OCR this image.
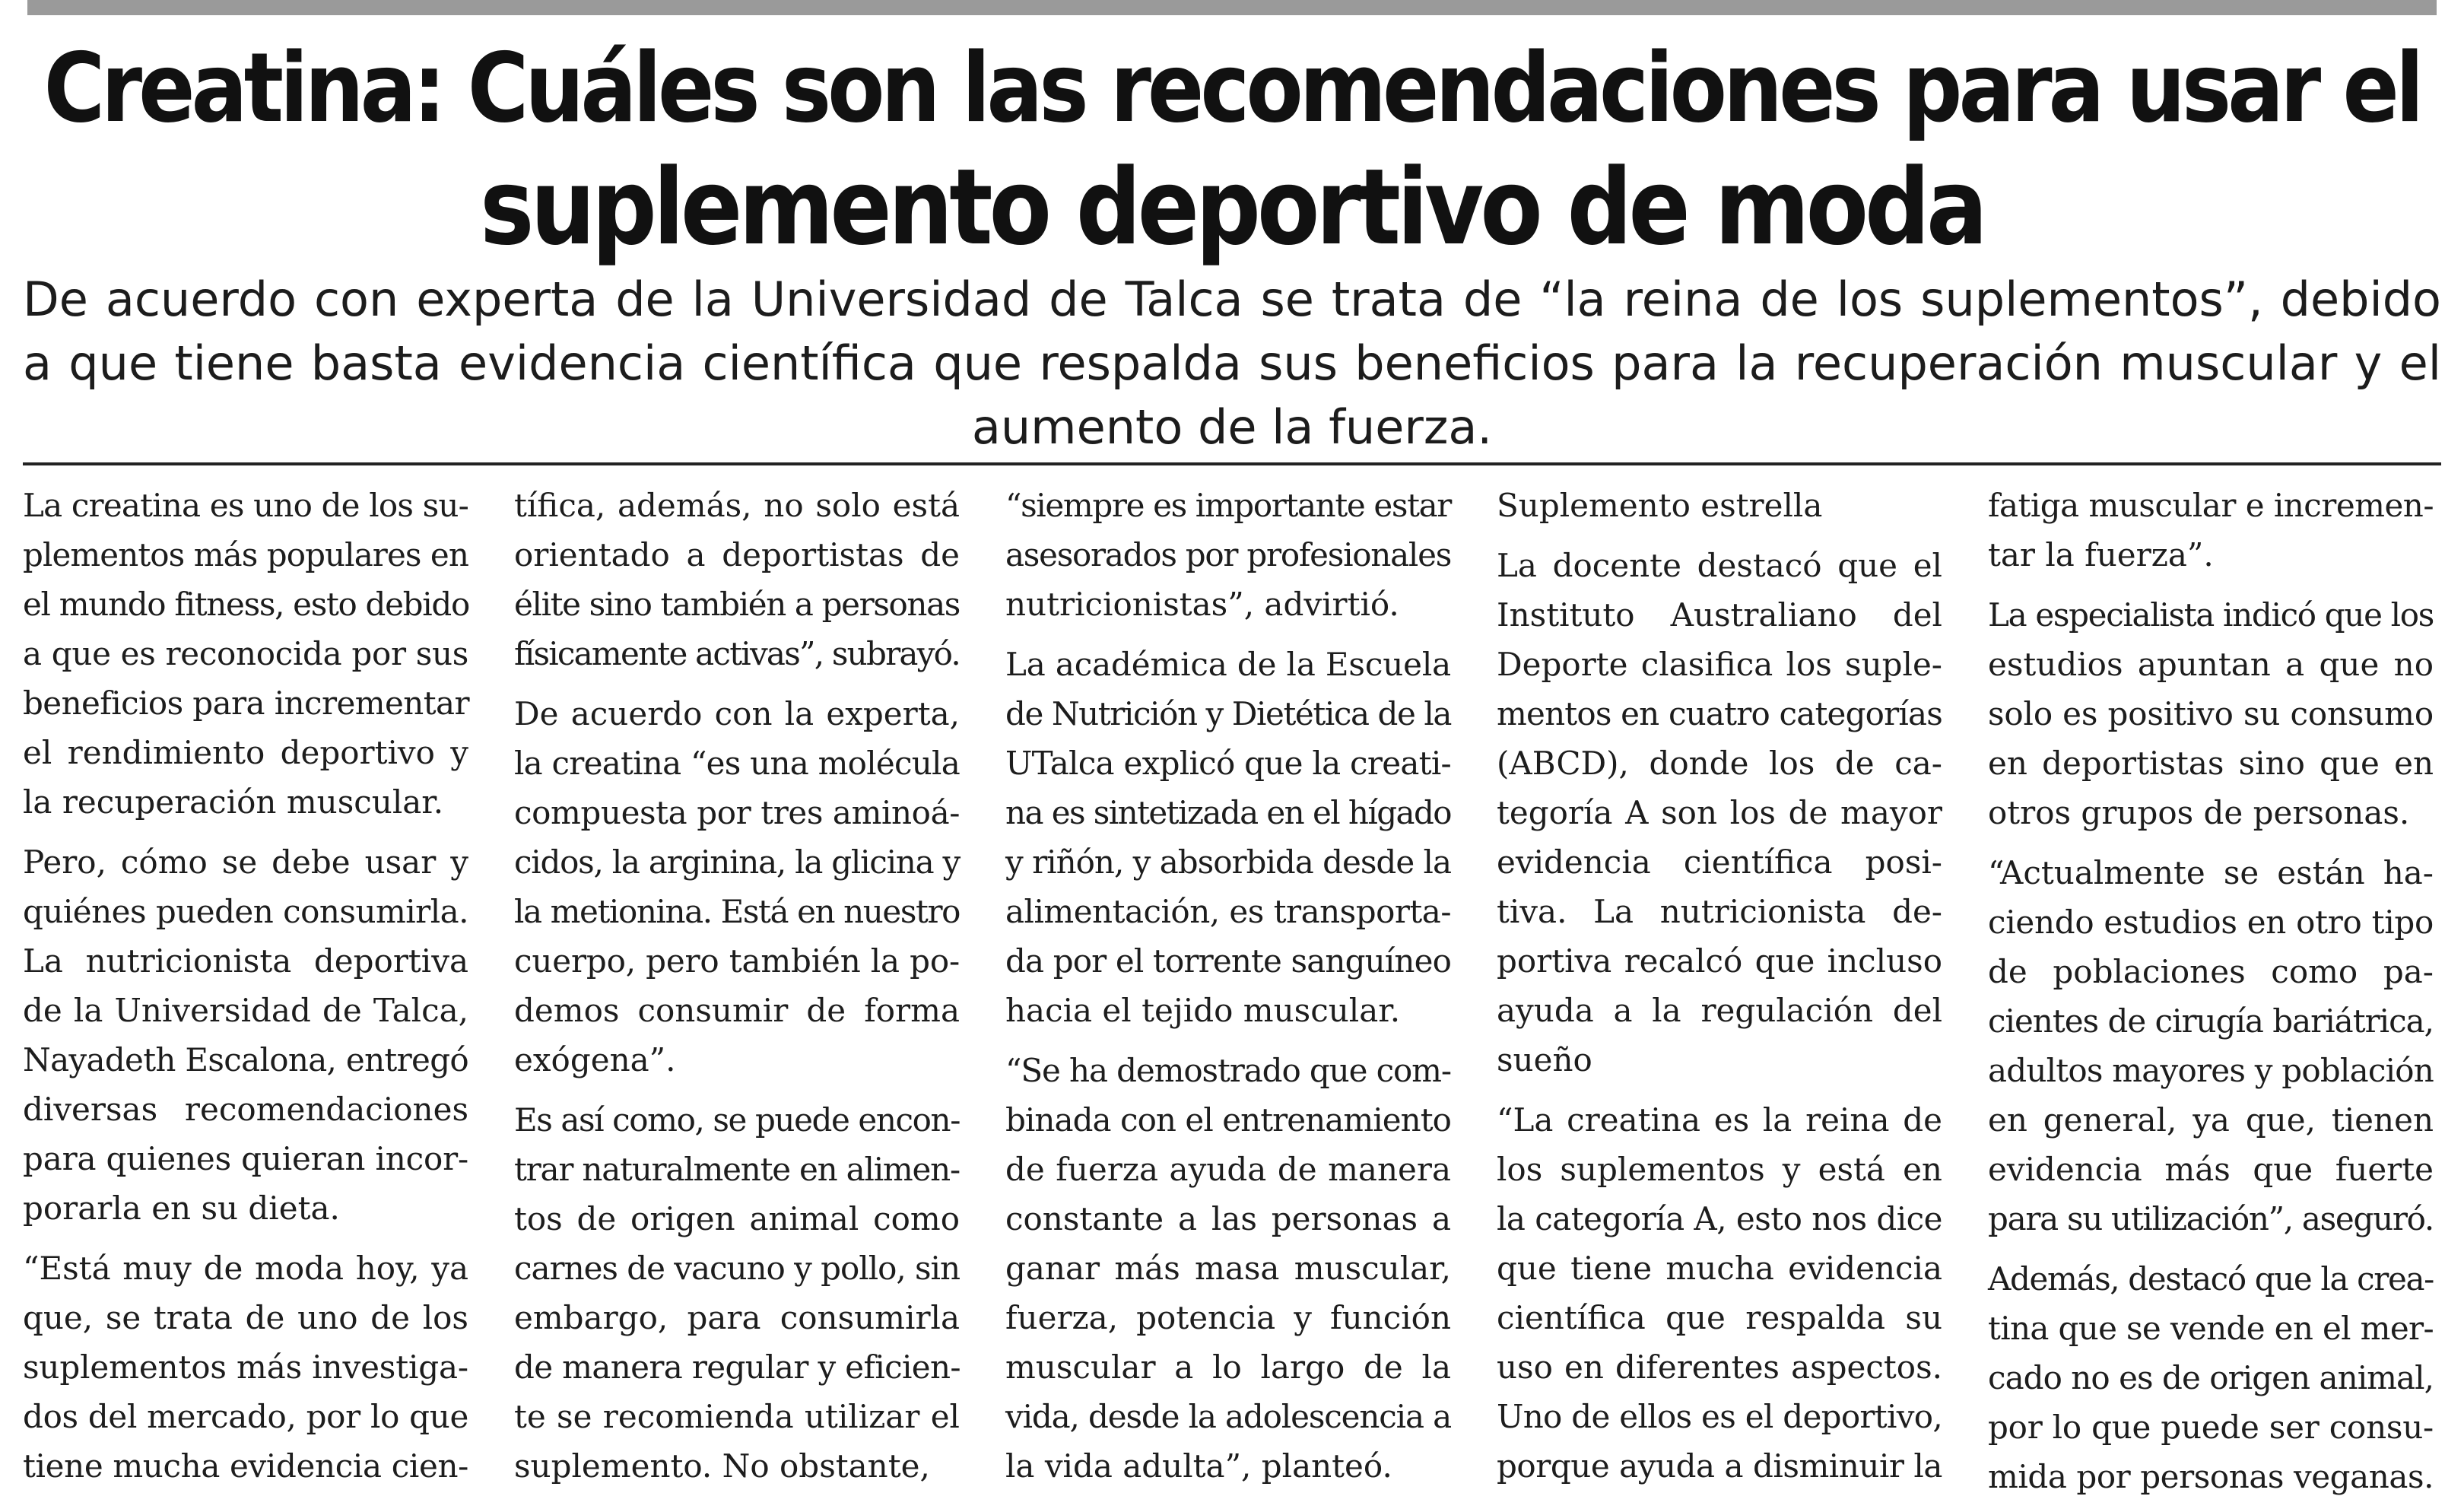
Creatina: Cuáles son las recomendaciones para usar el
suplemento deportivo de moda
De acuerdo con experta de la Universidad de Talca se trata de “la reina de los suplementos”, debido
a que tiene basta evidencia científica que respalda sus beneficios para la recuperación muscular y el
aumento de la fuerza.

La creatina es uno de los su-
plementos más populares en
el mundo fitness, esto debido
a que es reconocida por sus
beneficios para incrementar
el rendimiento deportivo y
la recuperación muscular.

Pero, cómo se debe usar y
quiénes pueden consumirla.
La nutricionista deportiva
de la Universidad de Talca,
Nayadeth Escalona, entregó
diversas recomendaciones
para quienes quieran incor-
porarla en su dieta.

“Está muy de moda hoy, ya
que, se trata de uno de los
suplementos más investiga-
dos del mercado, por lo que
tiene mucha evidencia cien-

tífica, además, no solo está
orientado a deportistas de
élite sino también a personas
físicamente activas”, subrayó.

De acuerdo con la experta,
la creatina “es una molécula
compuesta por tres aminoá-
cidos, la arginina, la glicina y
la metionina. Está en nuestro
cuerpo, pero también la po-
demos consumir de forma
exógena”.

Es así como, se puede encon-
trar naturalmente en alimen-
tos de origen animal como
carnes de vacuno y pollo, sin
embargo, para consumirla
de manera regular y eficien-
te se recomienda utilizar el
suplemento. No obstante,

“siempre es importante estar
asesorados por profesionales
nutricionistas”, advirtió.

La académica de la Escuela
de Nutrición y Dietética de la
UTalca explicó que la creati-
na es sintetizada en el hígado
y riñón, y absorbida desde la
alimentación, es transporta-
da por el torrente sanguíneo
hacia el tejido muscular.

“Se ha demostrado que com-
binada con el entrenamiento
de fuerza ayuda de manera
constante a las personas a
ganar más masa muscular,
fuerza, potencia y función
muscular a lo largo de la
vida, desde la adolescencia a
la vida adulta”, planteó.

Suplemento estrella

La docente destacó que el
Instituto Australiano del
Deporte clasifica los suple-
mentos en cuatro categorías
(ABCD), donde los de ca-
tegoría A son los de mayor
evidencia científica posi-
tiva. La nutricionista de-
portiva recalcó que incluso
ayuda a la regulación del
sueño

“La creatina es la reina de
los suplementos y está en
la categoría A, esto nos dice
que tiene mucha evidencia
científica que respalda su
uso en diferentes aspectos.
Uno de ellos es el deportivo,
porque ayuda a disminuir la

fatiga muscular e incremen-
tar la fuerza”.

La especialista indicó que los
estudios apuntan a que no
solo es positivo su consumo
en deportistas sino que en
otros grupos de personas.

“Actualmente se están ha-
ciendo estudios en otro tipo
de poblaciones como pa-
cientes de cirugía bariátrica,
adultos mayores y población
en general, ya que, tienen
evidencia más que fuerte
para su utilización”, aseguró.

Además, destacó que la crea-
tina que se vende en el mer-
cado no es de origen animal,
por lo que puede ser consu-
mida por personas veganas.
